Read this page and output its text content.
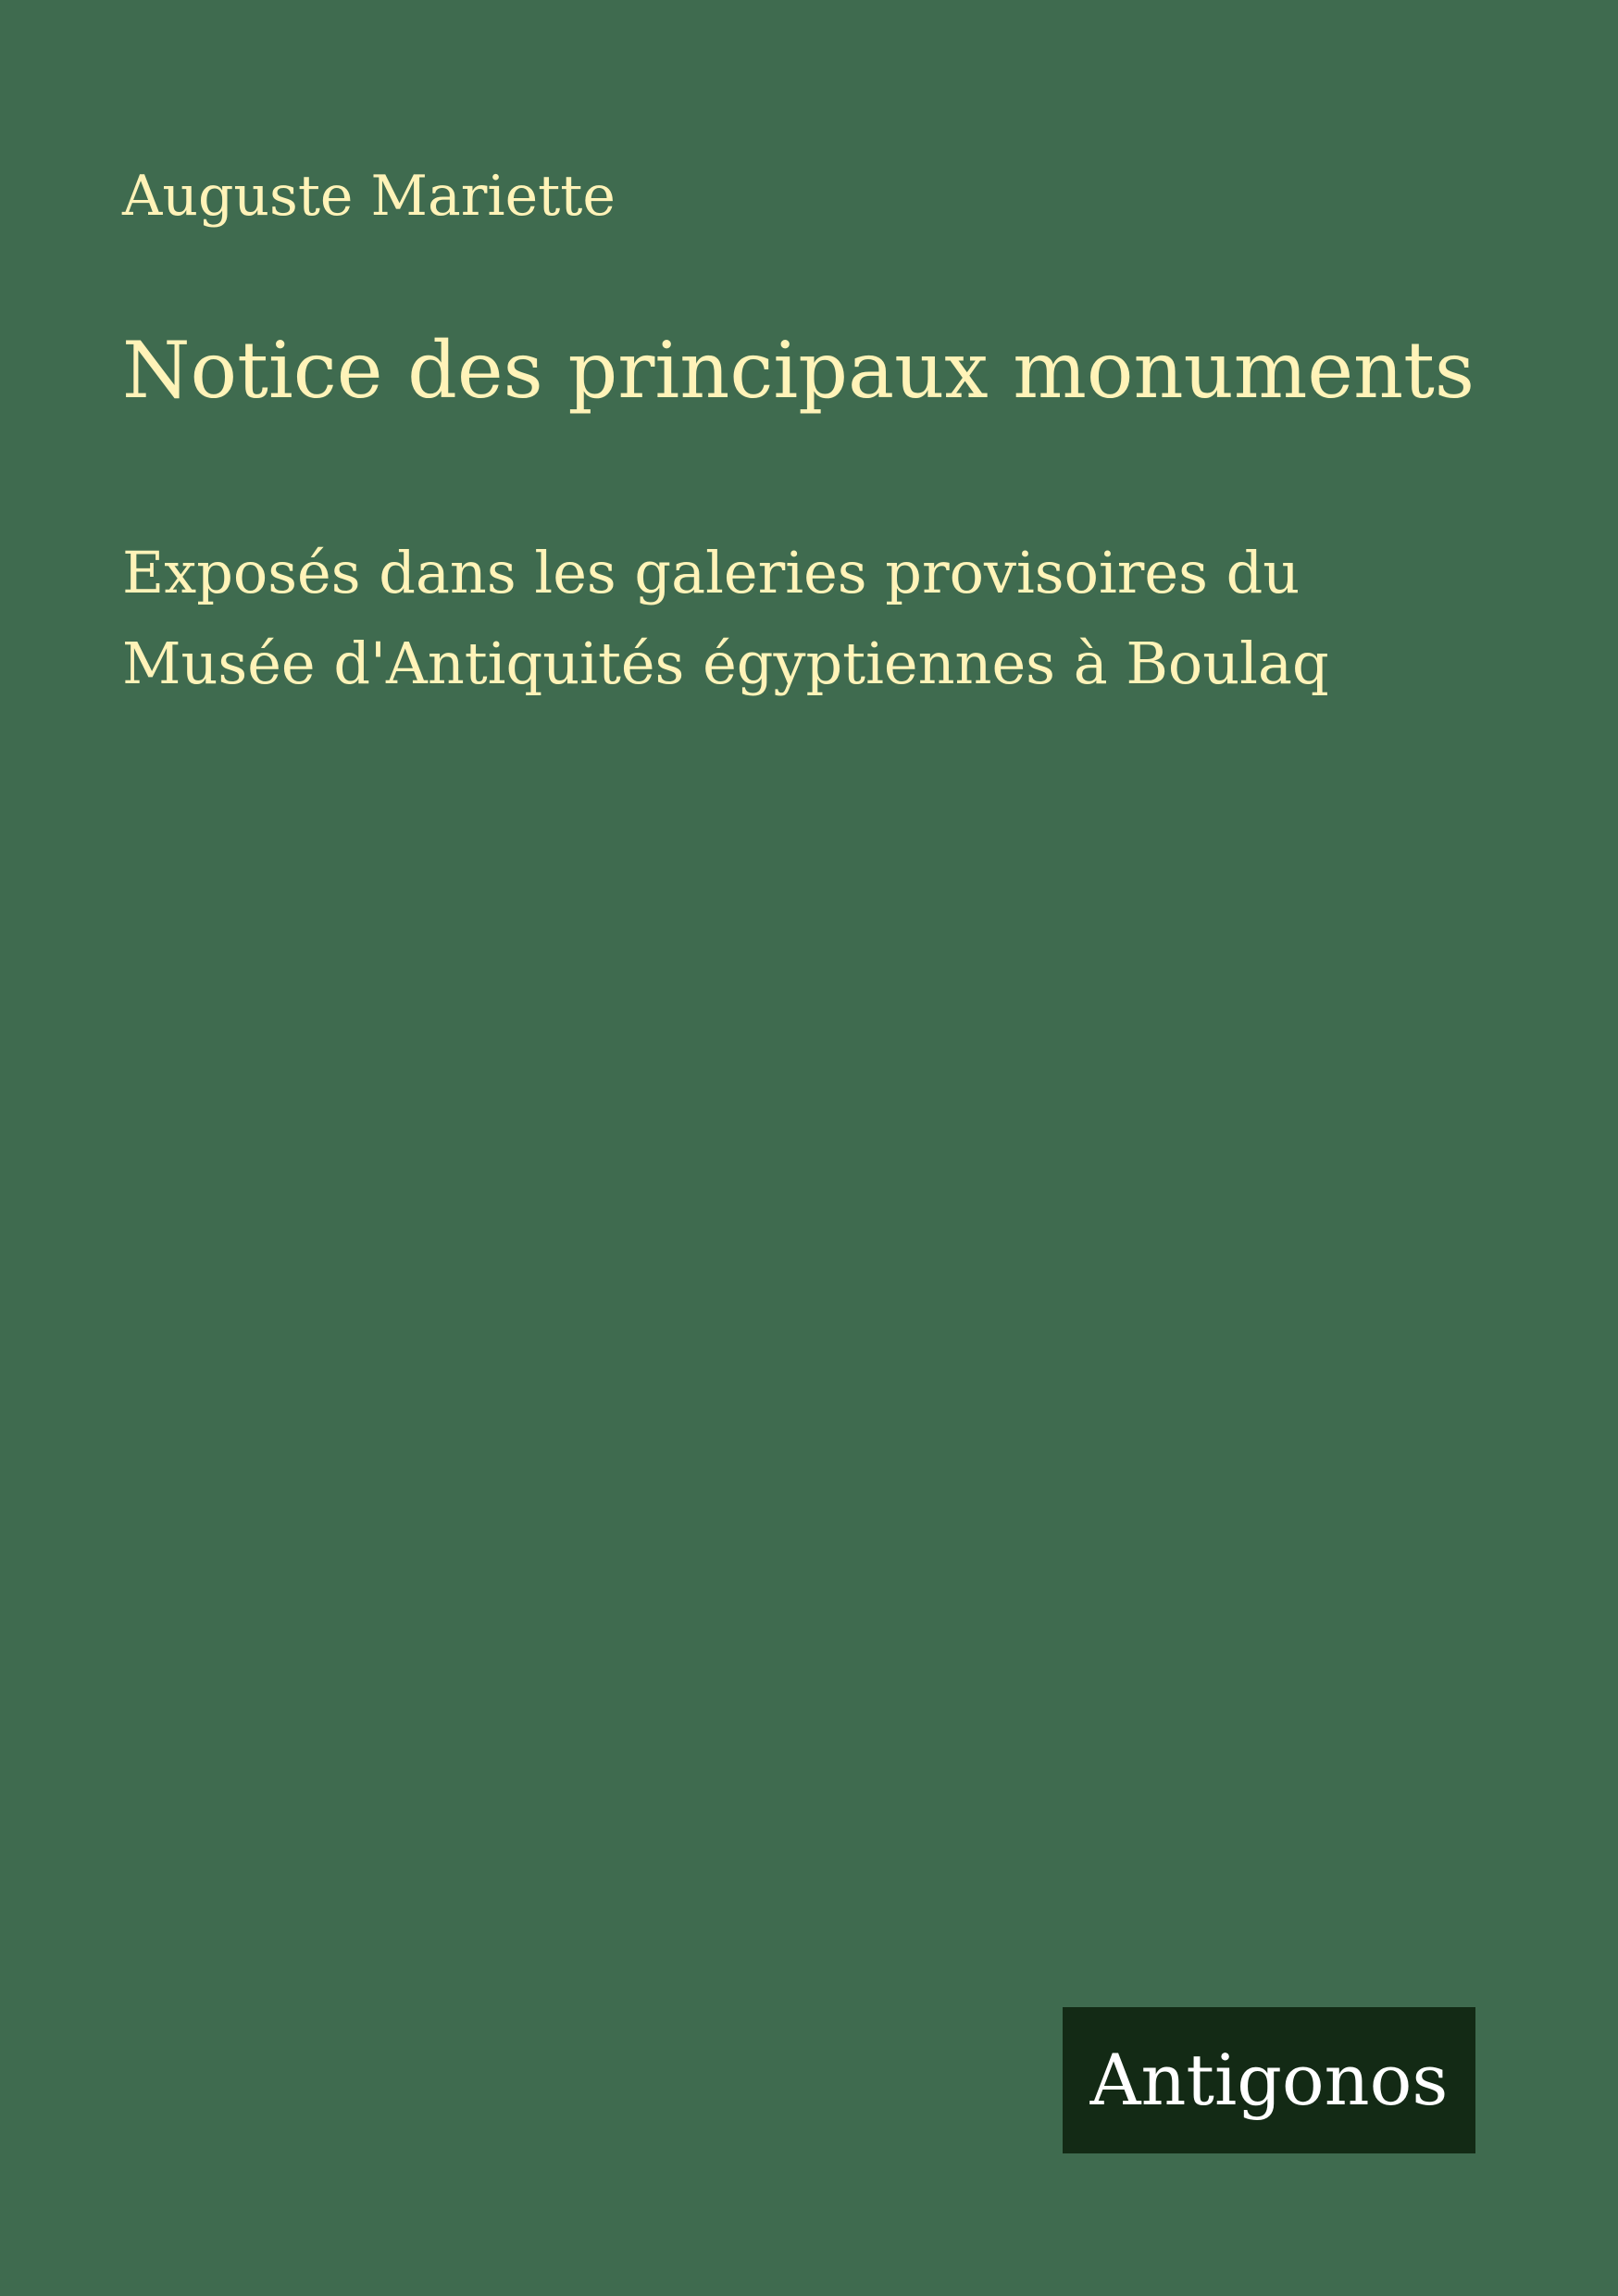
Auguste Mariette

Notice des principaux monuments

Exposés dans les galeries provisoires du Musée d'Antiquités égyptiennes à Boulaq

Antigonos
